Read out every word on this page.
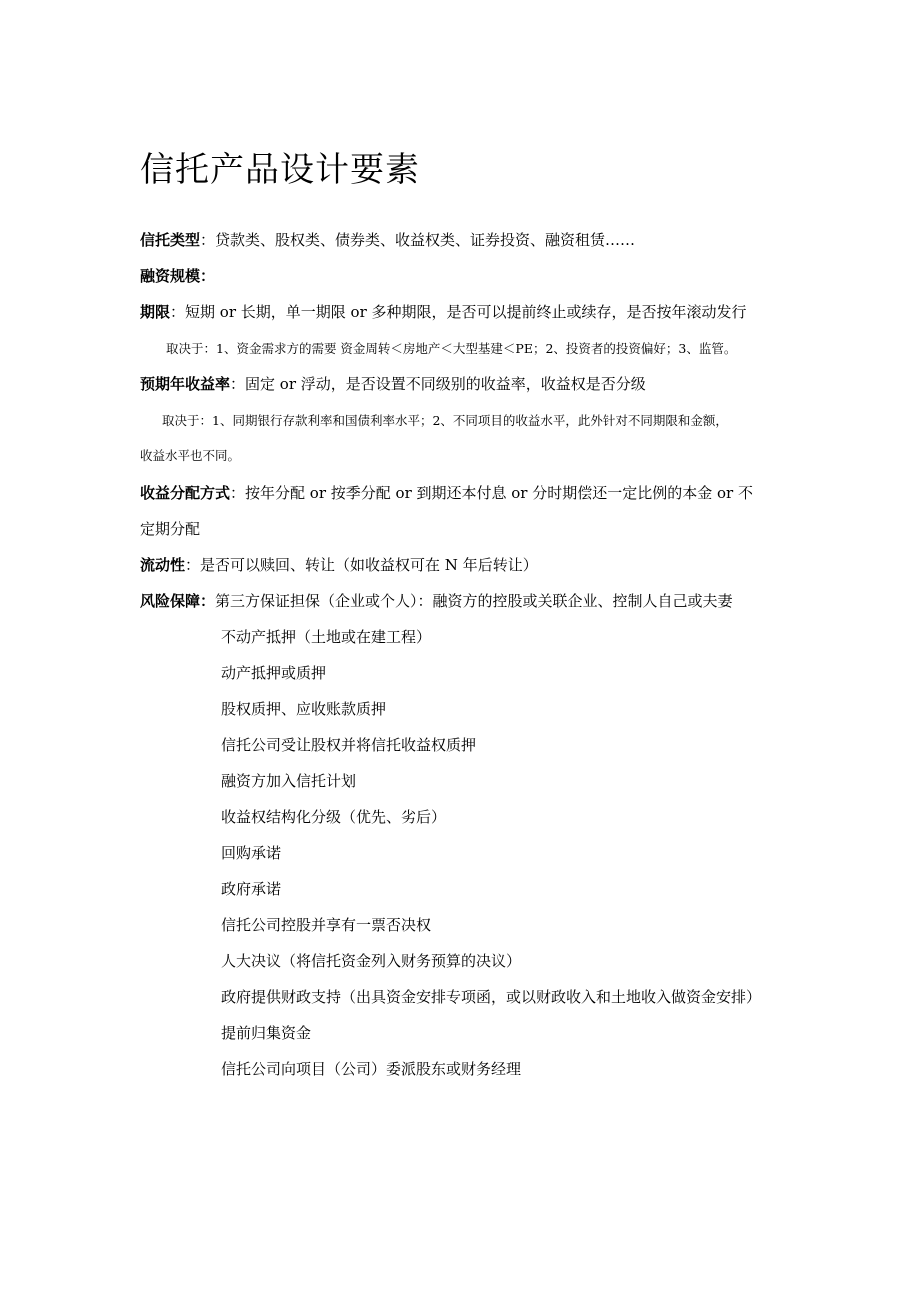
信托产品设计要素
信托类型：贷款类、股权类、债券类、收益权类、证券投资、融资租赁……
融资规模：
期限：短期 or 长期，单一期限 or 多种期限，是否可以提前终止或续存，是否按年滚动发行
取决于：1、资金需求方的需要 资金周转＜房地产＜大型基建＜PE；2、投资者的投资偏好；3、监管。
预期年收益率：固定 or 浮动，是否设置不同级别的收益率，收益权是否分级
取决于：1、同期银行存款利率和国债利率水平；2、不同项目的收益水平，此外针对不同期限和金额，
收益水平也不同。
收益分配方式：按年分配 or 按季分配 or 到期还本付息 or 分时期偿还一定比例的本金 or 不
定期分配
流动性：是否可以赎回、转让（如收益权可在 N 年后转让）
风险保障：第三方保证担保（企业或个人）：融资方的控股或关联企业、控制人自己或夫妻
不动产抵押（土地或在建工程）
动产抵押或质押
股权质押、应收账款质押
信托公司受让股权并将信托收益权质押
融资方加入信托计划
收益权结构化分级（优先、劣后）
回购承诺
政府承诺
信托公司控股并享有一票否决权
人大决议（将信托资金列入财务预算的决议）
政府提供财政支持（出具资金安排专项函，或以财政收入和土地收入做资金安排）
提前归集资金
信托公司向项目（公司）委派股东或财务经理
